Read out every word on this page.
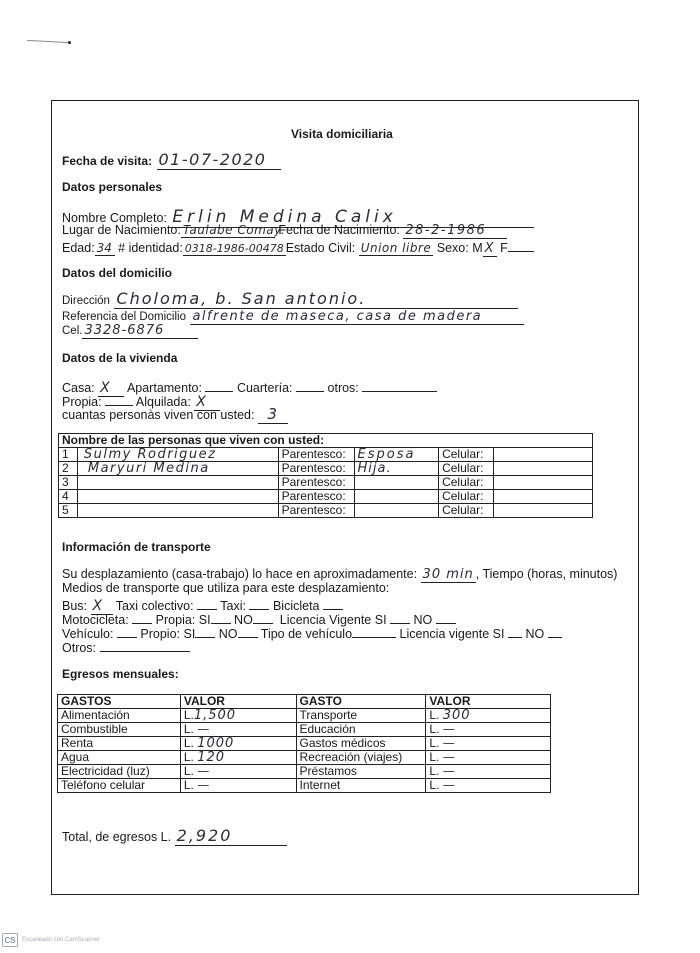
Visita domiciliaria
Fecha de visita: 01-07-2020
Datos personales
Nombre Completo: Erlin Medina Calix
Lugar de Nacimiento: Taulabe Comay. Fecha de Nacimiento: 28-2-1986
Edad: 34 # identidad: 0318-1986-00478 Estado Civil: Union libre Sexo: M X F
Datos del domicilio
Dirección Choloma, b. San antonio.
Referencia del Domicilio alfrente de maseca, casa de madera
Cel. 3328-6876
Datos de la vivienda
Casa: X Apartamento:	Cuartería:	otros:
Propia:	Alquilada: X
cuantas personàs viven con usted: 3
Nombre de las personas que viven con usted:					
1	Sulmy Rodriguez	Parentesco:	Esposa	Celular:	
2	Maryuri Medina	Parentesco:	Hija.	Celular:	
3		Parentesco:		Celular:	
4		Parentesco:		Celular:	
5		Parentesco:		Celular:	
Información de transporte
Su desplazamiento (casa-trabajo) lo hace en aproximadamente: 30 min , Tiempo (horas, minutos)
Medios de transporte que utiliza para este desplazamiento:
Bus: X Taxi colectivo: Taxi: Bicicleta
Motocicleta: Propia: SI NO Licencia Vigente SI NO
Vehículo: Propio: SI NO Tipo de vehículo	Licencia vigente SI NO
Otros:
Egresos mensuales:
GASTOS	VALOR	GASTO	VALOR
Alimentación	L.1,500	Transporte	L. 300
Combustible	L. —	Educación	L. —
Renta	L. 1000	Gastos médicos	L. —
Agua	L. 120	Recreación (viajes)	L. —
Electricidad (luz)	L. —	Préstamos	L. —
Teléfono celular	L. —	Internet	L. —
Total, de egresos L. 2,920
CS	Escaneado con CamScanner
